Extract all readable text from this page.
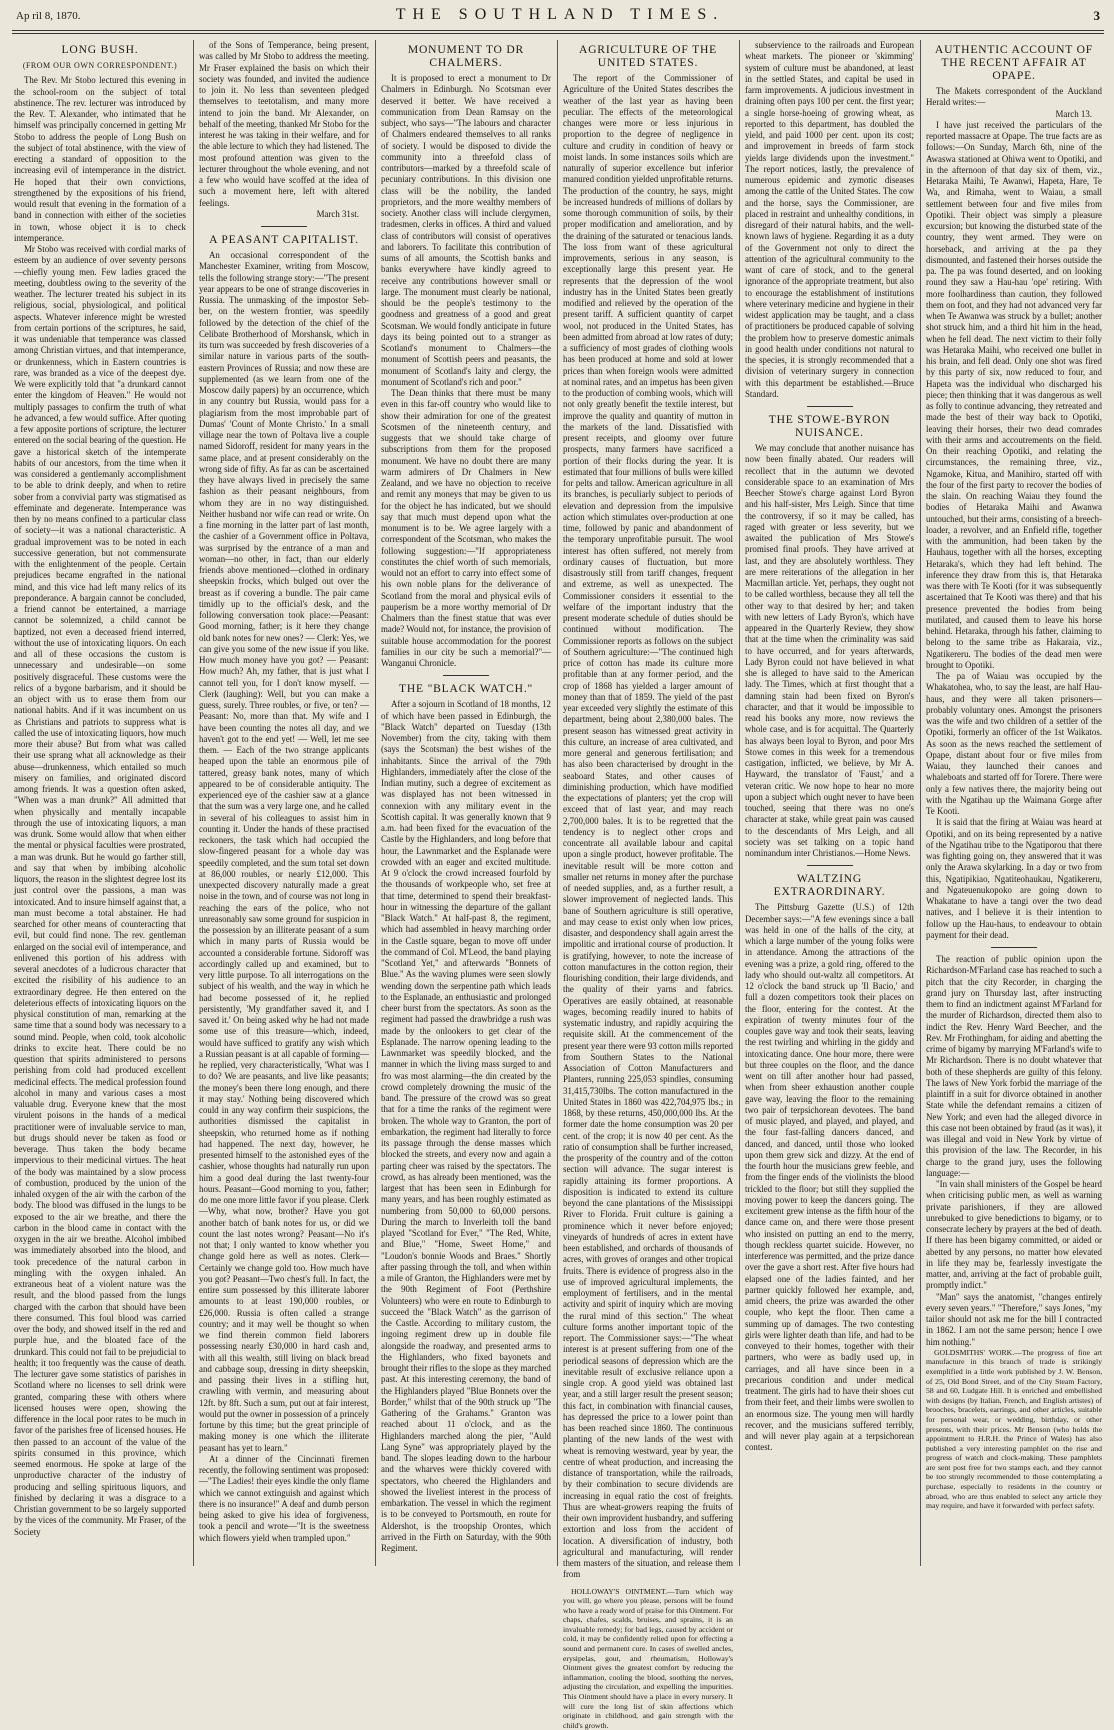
Ap ril 8, 1870.	THE SOUTHLAND TIMES.	3
LONG BUSH.
(FROM OUR OWN CORRESPONDENT.)

The Rev. Mr Stobo lectured this evening in the school-room on the subject of total abstinence. The rev. lecturer was introduced by the Rev. T. Alexander, who intimated that he himself was principally concerned in getting Mr Stobo to address the people of Long Bush on the subject of total abstinence, with the view of erecting a standard of opposition to the increasing evil of intemperance in the district. He hoped that their own convictions, strengthened by the expositions of his friend, would result that evening in the formation of a band in connection with either of the societies in town, whose object it is to check intemperance.

Mr Stobo was received with cordial marks of esteem by an audience of over seventy persons—chiefly young men. Few ladies graced the meeting, doubtless owing to the severity of the weather. The lecturer treated his subject in its religious, social, physiological, and political aspects. Whatever inference might be wrested from certain portions of the scriptures, he said, it was undeniable that temperance was classed among Christian virtues, and that intemperance, or drunkenness, which in Eastern countries is rare, was branded as a vice of the deepest dye. We were explicitly told that "a drunkard cannot enter the kingdom of Heaven." He would not multiply passages to confirm the truth of what he advanced, a few would suffice. After quoting a few apposite portions of scripture, the lecturer entered on the social bearing of the question. He gave a historical sketch of the intemperate habits of our ancestors, from the time when it was considered a gentlemanly accomplishment to be able to drink deeply, and when to retire sober from a convivial party was stigmatised as effeminate and degenerate. Intemperance was then by no means confined to a particular class of society—it was a national characteristic. A gradual improvement was to be noted in each successive generation, but not commensurate with the enlightenment of the people. Certain prejudices became engrafted in the national mind, and this vice had left many relics of its preponderance. A bargain cannot be concluded, a friend cannot be entertained, a marriage cannot be solemnized, a child cannot be baptized, not even a deceased friend interred, without the use of intoxicating liquors. On each and all of these occasions the custom is unnecessary and undesirable—on some positively disgraceful. These customs were the relics of a bygone barbarism, and it should be an object with us to erase them from our national habits. And if it was incumbent on us as Christians and patriots to suppress what is called the use of intoxicating liquors, how much more their abuse? But from what was called their use sprang what all acknowledge as their abuse—drunkenness, which entailed so much misery on families, and originated discord among friends. It was a question often asked, "When was a man drunk?" All admitted that when physically and mentally incapable through the use of intoxicating liquors, a man was drunk. Some would allow that when either the mental or physical faculties were prostrated, a man was drunk. But he would go farther still, and say that when by imbibing alcoholic liquors, the reason in the slightest degree lost its just control over the passions, a man was intoxicated. And to insure himself against that, a man must become a total abstainer. He had searched for other means of counteracting that evil, but could find none. The rev. gentleman enlarged on the social evil of intemperance, and enlivened this portion of his address with several anecdotes of a ludicrous character that excited the risibility of his audience to an extraordinary degree. He then entered on the deleterious effects of intoxicating liquors on the physical constitution of man, remarking at the same time that a sound body was necessary to a sound mind. People, when cold, took alcoholic drinks to excite heat. There could be no question that spirits administered to persons perishing from cold had produced excellent medicinal effects. The medical profession found alcohol in many and various cases a most valuable drug. Everyone knew that the most virulent poisons in the hands of a medical practitioner were of invaluable service to man, but drugs should never be taken as food or beverage. Thus taken the body became impervious to their medicinal virtues. The heat of the body was maintained by a slow process of combustion, produced by the union of the inhaled oxygen of the air with the carbon of the body. The blood was diffused in the lungs to be exposed to the air we breathe, and there the carbon in the blood came in contact with the oxygen in the air we breathe. Alcohol imbibed was immediately absorbed into the blood, and took precedence of the natural carbon in mingling with the oxygen inhaled. An extraneous heat of a violent nature was the result, and the blood passed from the lungs charged with the carbon that should have been there consumed. This foul blood was carried over the body, and showed itself in the red and purple hue, and the bloated face of the drunkard. This could not fail to be prejudicial to health; it too frequently was the cause of death. The lecturer gave some statistics of parishes in Scotland where no licenses to sell drink were granted, comparing these with others where licensed houses were open, showing the difference in the local poor rates to be much in favor of the parishes free of licensed houses. He then passed to an account of the value of the spirits consumed in this province, which seemed enormous. He spoke at large of the unproductive character of the industry of producing and selling spirituous liquors, and finished by declaring it was a disgrace to a Christian government to be so largely supported by the vices of the community. Mr Fraser, of the Society

of the Sons of Temperance, being present, was called by Mr Stobo to address the meeting. Mr Fraser explained the basis on which their society was founded, and invited the audience to join it. No less than seventeen pledged themselves to teetotalism, and many more intend to join the band. Mr Alexander, on behalf of the meeting, thanked Mr Stobo for the interest he was taking in their welfare, and for the able lecture to which they had listened. The most profound attention was given to the lecturer throughout the whole evening, and not a few who would have scoffed at the idea of such a movement here, left with altered feelings.

March 31st.
A PEASANT CAPITALIST.

An occasional correspondent of the Manchester Examiner, writing from Moscow, tells the following strange story:—"The present year appears to be one of strange discoveries in Russia. The unmasking of the impostor Seb-ber, on the western frontier, was speedily followed by the detection of the chief of the Celibate Brotherhood of Morshansk, which in its turn was succeeded by fresh discoveries of a similar nature in various parts of the south-eastern Provinces of Russia; and now these are supplemented (as we learn from one of the Moscow daily papers) by an occurrence, which in any country but Russia, would pass for a plagiarism from the most improbable part of Dumas' 'Count of Monte Christo.' In a small village near the town of Poltava live a couple named Sidoroff, resident for many years in the same place, and at present considerably on the wrong side of fifty. As far as can be ascertained they have always lived in precisely the same fashion as their peasant neighbours, from whom they are in no way distinguished. Neither husband nor wife can read or write. On a fine morning in the latter part of last month, the cashier of a Government office in Poltava, was surprised by the entrance of a man and woman—no other, in fact, than our elderly friends above mentioned—clothed in ordinary sheepskin frocks, which bulged out over the breast as if covering a bundle. The pair came timidly up to the official's desk, and the following conversation took place:—Peasant: Good morning, father; is it here they change old bank notes for new ones? — Clerk: Yes, we can give you some of the new issue if you like. How much money have you got? — Peasant: How much? Ah, my father, that is just what I cannot tell you, for I don't know myself. — Clerk (laughing): Well, but you can make a guess, surely. Three roubles, or five, or ten? — Peasant: No, more than that. My wife and I have been counting the notes all day, and we haven't got to the end yet! — Well, let me see them. — Each of the two strange applicants heaped upon the table an enormous pile of tattered, greasy bank notes, many of which appeared to be of considerable antiquity. The experienced eye of the cashier saw at a glance that the sum was a very large one, and he called in several of his colleagues to assist him in counting it. Under the hands of these practised reckoners, the task which had occupied the slow-fingered peasant for a whole day was speedily completed, and the sum total set down at 86,000 roubles, or nearly £12,000. This unexpected discovery naturally made a great noise in the town, and of course was not long in reaching the ears of the police, who not unreasonably saw some ground for suspicion in the possession by an illiterate peasant of a sum which in many parts of Russia would be accounted a considerable fortune. Sidoroff was accordingly called up and examined, but to very little purpose. To all interrogations on the subject of his wealth, and the way in which he had become possessed of it, he replied persistently, 'My grandfather saved it, and I saved it.' On being asked why he had not made some use of this treasure—which, indeed, would have sufficed to gratify any wish which a Russian peasant is at all capable of forming—he replied, very characteristically, 'What was I to do? We are peasants, and live like peasants; the money's been there long enough, and there it may stay.' Nothing being discovered which could in any way confirm their suspicions, the authorities dismissed the capitalist in sheepskin, who returned home as if nothing had happened. The next day, however, he presented himself to the astonished eyes of the cashier, whose thoughts had naturally run upon him a good deal during the last twenty-four hours. Peasant—Good morning to you, father; do me one more little favor if you please. Clerk—Why, what now, brother? Have you got another batch of bank notes for us, or did we count the last notes wrong? Peasant—No it's not that; I only wanted to know whether you change gold here as well as notes. Clerk—Certainly we change gold too. How much have you got? Peasant—Two chest's full. In fact, the entire sum possessed by this illiterate laborer amounts to at least 190,000 roubles, or £26,000. Russia is often called a strange country; and it may well be thought so when we find therein common field laborers possessing nearly £30,000 in hard cash and, with all this wealth, still living on black bread and cabbage soup, dressing in dirty sheepskin, and passing their lives in a stifling hut, crawling with vermin, and measuring about 12ft. by 8ft. Such a sum, put out at fair interest, would put the owner in possession of a princely fortune by this time; but the great principle of making money is one which the illiterate peasant has yet to learn."

At a dinner of the Cincinnati firemen recently, the following sentiment was proposed:—"The Ladies! their eyes kindle the only flame which we cannot extinguish and against which there is no insurance!" A deaf and dumb person being asked to give his idea of forgiveness, took a pencil and wrote—"It is the sweetness which flowers yield when trampled upon."

MONUMENT TO DR CHALMERS.

It is proposed to erect a monument to Dr Chalmers in Edinburgh. No Scotsman ever deserved it better. We have received a communication from Dean Ramsay on the subject, who says—"The labours and character of Chalmers endeared themselves to all ranks of society. I would be disposed to divide the community into a threefold class of contributors—marked by a threefold scale of pecuniary contributions. In this division one class will be the nobility, the landed proprietors, and the more wealthy members of society. Another class will include clergymen, tradesmen, clerks in offices. A third and valued class of contributors will consist of operatives and laborers. To facilitate this contribution of sums of all amounts, the Scottish banks and banks everywhere have kindly agreed to receive any contributions however small or large. The monument must clearly be national, should be the people's testimony to the goodness and greatness of a good and great Scotsman. We would fondly anticipate in future days its being pointed out to a stranger as Scotland's monument to Chalmers—the monument of Scottish peers and peasants, the monument of Scotland's laity and clergy, the monument of Scotland's rich and poor."

The Dean thinks that there must be many even in this far-off country who would like to show their admiration for one of the greatest Scotsmen of the nineteenth century, and suggests that we should take charge of subscriptions from them for the proposed monument. We have no doubt there are many warm admirers of Dr Chalmers in New Zealand, and we have no objection to receive and remit any moneys that may be given to us for the object he has indicated, but we should say that much must depend upon what the monument is to be. We agree largely with a correspondent of the Scotsman, who makes the following suggestion:—"If appropriateness constitutes the chief worth of such memorials, would not an effort to carry into effect some of his own noble plans for the deliverance of Scotland from the moral and physical evils of pauperism be a more worthy memorial of Dr Chalmers than the finest statue that was ever made? Would not, for instance, the provision of suitable house accommodation for the poorest families in our city be such a memorial?"—Wanganui Chronicle.

THE "BLACK WATCH."

After a sojourn in Scotland of 18 months, 12 of which have been passed in Edinburgh, the "Black Watch" departed on Tuesday (13th November) from the city, taking with them (says the Scotsman) the best wishes of the inhabitants. Since the arrival of the 79th Highlanders, immediately after the close of the Indian mutiny, such a degree of excitement as was displayed has not been witnessed in connexion with any military event in the Scottish capital. It was generally known that 9 a.m. had been fixed for the evacuation of the Castle by the Highlanders, and long before that hour, the Lawnmarket and the Esplanade were crowded with an eager and excited multitude. At 9 o'clock the crowd increased fourfold by the thousands of workpeople who, set free at that time, determined to spend their breakfast-hour in witnessing the departure of the gallant "Black Watch." At half-past 8, the regiment, which had assembled in heavy marching order in the Castle square, began to move off under the command of Col. M'Leod, the band playing "Scotland Yet," and afterwards "Bonnets of Blue." As the waving plumes were seen slowly wending down the serpentine path which leads to the Esplanade, an enthusiastic and prolonged cheer burst from the spectators. As soon as the regiment had passed the drawbridge a rush was made by the onlookers to get clear of the Esplanade. The narrow opening leading to the Lawnmarket was speedily blocked, and the manner in which the living mass surged to and fro was most alarming—the din created by the crowd completely drowning the music of the band. The pressure of the crowd was so great that for a time the ranks of the regiment were broken. The whole way to Granton, the port of embarkation, the regiment had literally to force its passage through the dense masses which blocked the streets, and every now and again a parting cheer was raised by the spectators. The crowd, as has already been mentioned, was the largest that has been seen in Edinburgh for many years, and has been roughly estimated as numbering from 50,000 to 60,000 persons. During the march to Inverleith toll the band played "Scotland for Ever," "The Red, White, and Blue," "Home, Sweet Home," and "Loudon's bonnie Woods and Braes." Shortly after passing through the toll, and when within a mile of Granton, the Highlanders were met by the 90th Regiment of Foot (Perthshire Volunteers) who were en route to Edinburgh to succeed the "Black Watch" as the garrison of the Castle. According to military custom, the ingoing regiment drew up in double file alongside the roadway, and presented arms to the Highlanders, who fixed bayonets and brought their rifles to the slope as they marched past. At this interesting ceremony, the band of the Highlanders played "Blue Bonnets over the Border," whilst that of the 90th struck up "The Gathering of the Grahams." Granton was reached about 11 o'clock, and as the Highlanders marched along the pier, "Auld Lang Syne" was appropriately played by the band. The slopes leading down to the harbour and the wharves were thickly covered with spectators, who cheered the Highlanders and showed the liveliest interest in the process of embarkation. The vessel in which the regiment is to be conveyed to Portsmouth, en route for Aldershot, is the troopship Orontes, which arrived in the Firth on Saturday, with the 90th Regiment.

AGRICULTURE OF THE UNITED STATES.

The report of the Commissioner of Agriculture of the United States describes the weather of the last year as having been peculiar. The effects of the meteorological changes were more or less injurious in proportion to the degree of negligence in culture and crudity in condition of heavy or moist lands. In some instances soils which are naturally of superior excellence but inferior manured condition yielded unprofitable returns. The production of the country, he says, might be increased hundreds of millions of dollars by some thorough communition of soils, by their proper modification and amelioration, and by the draining of the saturated or tenacious lands. The loss from want of these agricultural improvements, serious in any season, is exceptionally large this present year. He represents that the depression of the wool industry has in the United States been greatly modified and relieved by the operation of the present tariff. A sufficient quantity of carpet wool, not produced in the United States, has been admitted from abroad at low rates of duty; a sufficiency of most grades of clothing wools has been produced at home and sold at lower prices than when foreign wools were admitted at nominal rates, and an impetus has been given to the production of combing wools, which will not only greatly benefit the textile interest, but improve the quality and quantity of mutton in the markets of the land. Dissatisfied with present receipts, and gloomy over future prospects, many farmers have sacrificed a portion of their flocks during the year. It is estimated that four millions of bulls were killed for pelts and tallow. American agriculture in all its branches, is peculiarly subject to periods of elevation and depression from the impulsive action which stimulates over-production at one time, followed by panic and abandonment of the temporary unprofitable pursuit. The wool interest has often suffered, not merely from ordinary causes of fluctuation, but more disastrously still from tariff changes, frequent and extreme, as well as unexpected. The Commissioner considers it essential to the welfare of the important industry that the present moderate schedule of duties should be continued without modification. The Commissioner reports as follows on the subject of Southern agriculture:—"The continued high price of cotton has made its culture more profitable than at any former period, and the crop of 1868 has yielded a larger amount of money than that of 1859. The yield of the past year exceeded very slightly the estimate of this department, being about 2,380,000 bales. The present season has witnessed great activity in this culture, an increase of area cultivated, and more general and generous fertilisation; and has also been characterised by drought in the seaboard States, and other causes of diminishing production, which have modified the expectations of planters; yet the crop will exceed that of last year, and may reach 2,700,000 bales. It is to be regretted that the tendency is to neglect other crops and concentrate all available labour and capital upon a single product, however profitable. The inevitable result will be more cotton and smaller net returns in money after the purchase of needed supplies, and, as a further result, a slower improvement of neglected lands. This bane of Southern agriculture is still operative, and may cease to exist only when low prices, disaster, and despondency shall again arrest the impolitic and irrational course of production. It is gratifying, however, to note the increase of cotton manufactures in the cotton region, their flourishing condition, their large dividends, and the quality of their yarns and fabrics. Operatives are easily obtained, at reasonable wages, becoming readily inured to habits of systematic industry, and rapidly acquiring the requisite skill. At the commencement of the present year there were 93 cotton mills reported from Southern States to the National Association of Cotton Manufacturers and Planters, running 225,053 spindles, consuming 31,415,730lbs. The cotton manufactured in the United States in 1860 was 422,704,975 lbs.; in 1868, by these returns, 450,000,000 lbs. At the former date the home consumption was 20 per cent. of the crop; it is now 40 per cent. As the ratio of consumption shall be further increased, the prosperity of the country and of the cotton section will advance. The sugar interest is rapidly attaining its former proportions. A disposition is indicated to extend its culture beyond the cane plantations of the Mississippi River to Florida. Fruit culture is gaining a prominence which it never before enjoyed; vineyards of hundreds of acres in extent have been established, and orchards of thousands of acres, with groves of oranges and other tropical fruits. There is evidence of progress also in the use of improved agricultural implements, the employment of fertilisers, and in the mental activity and spirit of inquiry which are moving the rural mind of this section." The wheat culture forms another important topic of the report. The Commissioner says:—"The wheat interest is at present suffering from one of the periodical seasons of depression which are the inevitable result of exclusive reliance upon a single crop. A good yield was obtained last year, and a still larger result the present season; this fact, in combination with financial causes, has depressed the price to a lower point than has been reached since 1860. The continuous planting of the new lands of the west with wheat is removing westward, year by year, the centre of wheat production, and increasing the distance of transportation, while the railroads, by their combination to secure dividends are increasing in equal ratio the cost of freights. Thus are wheat-growers reaping the fruits of their own improvident husbandry, and suffering extortion and loss from the accident of location. A diversification of industry, both agricultural and manufacturing, will render them masters of the situation, and release them from

HOLLOWAY'S OINTMENT.—Turn which way you will, go where you please, persons will be found who have a ready word of praise for this Ointment. For chaps, chafes, scalds, bruises, and sprains, it is an invaluable remedy; for bad legs, caused by accident or cold, it may be confidently relied upon for effecting a sound and permanent cure. In cases of swelled ancles, erysipelas, gout, and rheumatism, Holloway's Ointment gives the greatest comfort by reducing the inflammation, cooling the blood, soothing the nerves, adjusting the circulation, and expelling the impurities. This Ointment should have a place in every nursery. It will cure the long list of skin affections which originate in childhood, and gain strength with the child's growth.

subservience to the railroads and European wheat markets. The pioneer or 'skimming' system of culture must be abandoned, at least in the settled States, and capital be used in farm improvements. A judicious investment in draining often pays 100 per cent. the first year; a single horse-hoeing of growing wheat, as reported to this department, has doubled the yield, and paid 1000 per cent. upon its cost; and improvement in breeds of farm stock yields large dividends upon the investment." The report notices, lastly, the prevalence of numerous epidemic and zymotic diseases among the cattle of the United States. The cow and the horse, says the Commissioner, are placed in restraint and unhealthy conditions, in disregard of their natural habits, and the well-known laws of hygiene. Regarding it as a duty of the Government not only to direct the attention of the agricultural community to the want of care of stock, and to the general ignorance of the appropriate treatment, but also to encourage the establishment of institutions where veterinary medicine and hygiene in their widest application may be taught, and a class of practitioners be produced capable of solving the problem how to preserve domestic animals in good health under conditions not natural to the species, it is strongly recommended that a division of veterinary surgery in connection with this department be established.—Bruce Standard.

THE STOWE-BYRON NUISANCE.

We may conclude that another nuisance has now been finally abated. Our readers will recollect that in the autumn we devoted considerable space to an examination of Mrs Beecher Stowe's charge against Lord Byron and his half-sister, Mrs Leigh. Since that time the controversy, if so it may be called, has raged with greater or less severity, but we awaited the publication of Mrs Stowe's promised final proofs. They have arrived at last, and they are absolutely worthless. They are mere reiterations of the allegation in her Macmillan article. Yet, perhaps, they ought not to be called worthless, because they all tell the other way to that desired by her; and taken with new letters of Lady Byron's, which have appeared in the Quarterly Review, they show that at the time when the criminality was said to have occurred, and for years afterwards, Lady Byron could not have believed in what she is alleged to have said to the American lady. The Times, which at first thought that a damning stain had been fixed on Byron's character, and that it would be impossible to read his books any more, now reviews the whole case, and is for acquittal. The Quarterly has always been loyal to Byron, and poor Mrs Stowe comes in this week for a tremendous castigation, inflicted, we believe, by Mr A. Hayward, the translator of 'Faust,' and a veteran critic. We now hope to hear no more upon a subject which ought never to have been touched, seeing that there was no one's character at stake, while great pain was caused to the descendants of Mrs Leigh, and all society was set talking on a topic hand nominandum inter Christianos.—Home News.

WALTZING EXTRAORDINARY.

The Pittsburg Gazette (U.S.) of 12th December says:—"A few evenings since a ball was held in one of the halls of the city, at which a large number of the young folks were in attendance. Among the attractions of the evening was a prize, a gold ring, offered to the lady who should out-waltz all competitors. At 12 o'clock the band struck up 'Il Bacio,' and full a dozen competitors took their places on the floor, entering for the contest. At the expiration of twenty minutes four of the couples gave way and took their seats, leaving the rest twirling and whirling in the giddy and intoxicating dance. One hour more, there were but three couples on the floor, and the dance went on till after another hour had passed, when from sheer exhaustion another couple gave way, leaving the floor to the remaining two pair of terpsichorean devotees. The band of music played, and played, and played, and the four fast-falling dancers danced, and danced, and danced, until those who looked upon them grew sick and dizzy. At the end of the fourth hour the musicians grew feeble, and from the finger ends of the violinists the blood trickled to the floor; but still they supplied the moving power to keep the dancers going. The excitement grew intense as the fifth hour of the dance came on, and there were those present who insisted on putting an end to the merry, though reckless quartet suicide. However, no interference was permitted, and the prize dance over the gave a short rest. After five hours had elapsed one of the ladies fainted, and her partner quickly followed her example, and, amid cheers, the prize was awarded the other couple, who kept the floor. Then came a summing up of damages. The two contesting girls were lighter death than life, and had to be conveyed to their homes, together with their partners, who were as badly used up, in carriages, and all have since been in a precarious condition and under medical treatment. The girls had to have their shoes cut from their feet, and their limbs were swollen to an enormous size. The young men will hardly recover, and the musicians suffered terribly, and will never play again at a terpsichorean contest.

AUTHENTIC ACCOUNT OF THE RECENT AFFAIR AT OPAPE.

The Makets correspondent of the Auckland Herald writes:—

March 13.

I have just received the particulars of the reported massacre at Opape. The true facts are as follows:—On Sunday, March 6th, nine of the Awaswa stationed at Ohiwa went to Opotiki, and in the afternoon of that day six of them, viz., Hetaraka Maihi, Te Awanwi, Hapeta, Hare, Te Wa, and Rimaha, went to Waiau, a small settlement between four and five miles from Opotiki. Their object was simply a pleasure excursion; but knowing the disturbed state of the country, they went armed. They were on horseback, and arriving at the pa they dismounted, and fastened their horses outside the pa. The pa was found deserted, and on looking round they saw a Hau-hau 'ope' retiring. With more foolhardiness than caution, they followed them on foot, and they had not advanced very far when Te Awanwa was struck by a bullet; another shot struck him, and a third hit him in the head, when he fell dead. The next victim to their folly was Hetaraka Maihi, who received one bullet in his brain, and fell dead. Only one shot was fired by this party of six, now reduced to four, and Hapeta was the individual who discharged his piece; then thinking that it was dangerous as well as folly to continue advancing, they retreated and made the best of their way back to Opotiki, leaving their horses, their two dead comrades with their arms and accoutrements on the field. On their reaching Opotiki, and relating the circumstances, the remaining three, viz., Ngamoke, Kitua, and Manihiro, started off with the four of the first party to recover the bodies of the slain. On reaching Waiau they found the bodies of Hetaraka Maihi and Awanwa untouched, but their arms, consisting of a breech-loader, a revolver, and an Enfield rifle, together with the ammunition, had been taken by the Hauhaus, together with all the horses, excepting Hetaraka's, which they had left behind. The inference they draw from this is, that Hetaraka was there with Te Kooti (for it was subsequently ascertained that Te Kooti was there) and that his presence prevented the bodies from being mutilated, and caused them to leave his horse behind. Hetaraka, through his father, claiming to belong to the same tribe as Hakaraia, viz., Ngatikereru. The bodies of the dead men were brought to Opotiki.

The pa of Waiau was occupied by the Whakatohea, who, to say the least, are half Hau-haus, and they were all taken prisoners—probably voluntary ones. Amongst the prisoners was the wife and two children of a settler of the Opotiki, formerly an officer of the 1st Waikatos. As soon as the news reached the settlement of Opape, distant about four or five miles from Waiau, they launched their canoes and whaleboats and started off for Torere. There were only a few natives there, the majority being out with the Ngatihau up the Waimana Gorge after Te Kooti.

It is said that the firing at Waiau was heard at Opotiki, and on its being represented by a native of the Ngatihau tribe to the Ngatiporou that there was fighting going on, they answered that it was only the Arawa skylarking. In a day or two from this, Ngatipikiao, Ngatiteohaukau, Ngatikereru, and Ngateuenukopoko are going down to Whakatane to have a tangi over the two dead natives, and I believe it is their intention to follow up the Hau-haus, to endeavour to obtain payment for their dead.

The reaction of public opinion upon the Richardson-M'Farland case has reached to such a pitch that the city Recorder, in charging the grand jury on Thursday last, after instructing them to find an indictment against M'Farland for the murder of Richardson, directed them also to indict the Rev. Henry Ward Beecher, and the Rev. Mr Frothingham, for aiding and abetting the crime of bigamy by marrying M'Farland's wife to Mr Richardson. There is no doubt whatever that both of these shepherds are guilty of this felony. The laws of New York forbid the marriage of the plaintiff in a suit for divorce obtained in another State while the defendant remains a citizen of New York; and even had the alleged divorce in this case not been obtained by fraud (as it was), it was illegal and void in New York by virtue of this provision of the law. The Recorder, in his charge to the grand jury, uses the following language:—

"In vain shall ministers of the Gospel be heard when criticising public men, as well as warning private parishioners, if they are allowed unrebuked to give benedictions to bigamy, or to consecrate lechery by prayers at the bed of death. If there has been bigamy committed, or aided or abetted by any persons, no matter how elevated in life they may be, fearlessly investigate the matter, and, arriving at the fact of probable guilt, promptly indict."

"Man" says the anatomist, "changes entirely every seven years." "Therefore," says Jones, "my tailor should not ask me for the bill I contracted in 1862. I am not the same person; hence I owe him nothing."

GOLDSMITHS' WORK.—The progress of fine art manufacture in this branch of trade is strikingly exemplified in a little work published by J. W. Benson, of 25, Old Bond Street, and of the City Steam Factory, 58 and 60, Ludgate Hill. It is enriched and embellished with designs (by Italian, French, and English artistes) of brooches, bracelets, earrings, and other articles, suitable for personal wear, or wedding, birthday, or other presents, with their prices. Mr Benson (who holds the appointment to H.R.H. the Prince of Wales) has also published a very interesting pamphlet on the rise and progress of watch and clock-making. These pamphlets are sent post free for two stamps each, and they cannot be too strongly recommended to those contemplating a purchase, especially to residents in the country or abroad, who are thus enabled to select any article they may require, and have it forwarded with perfect safety.
